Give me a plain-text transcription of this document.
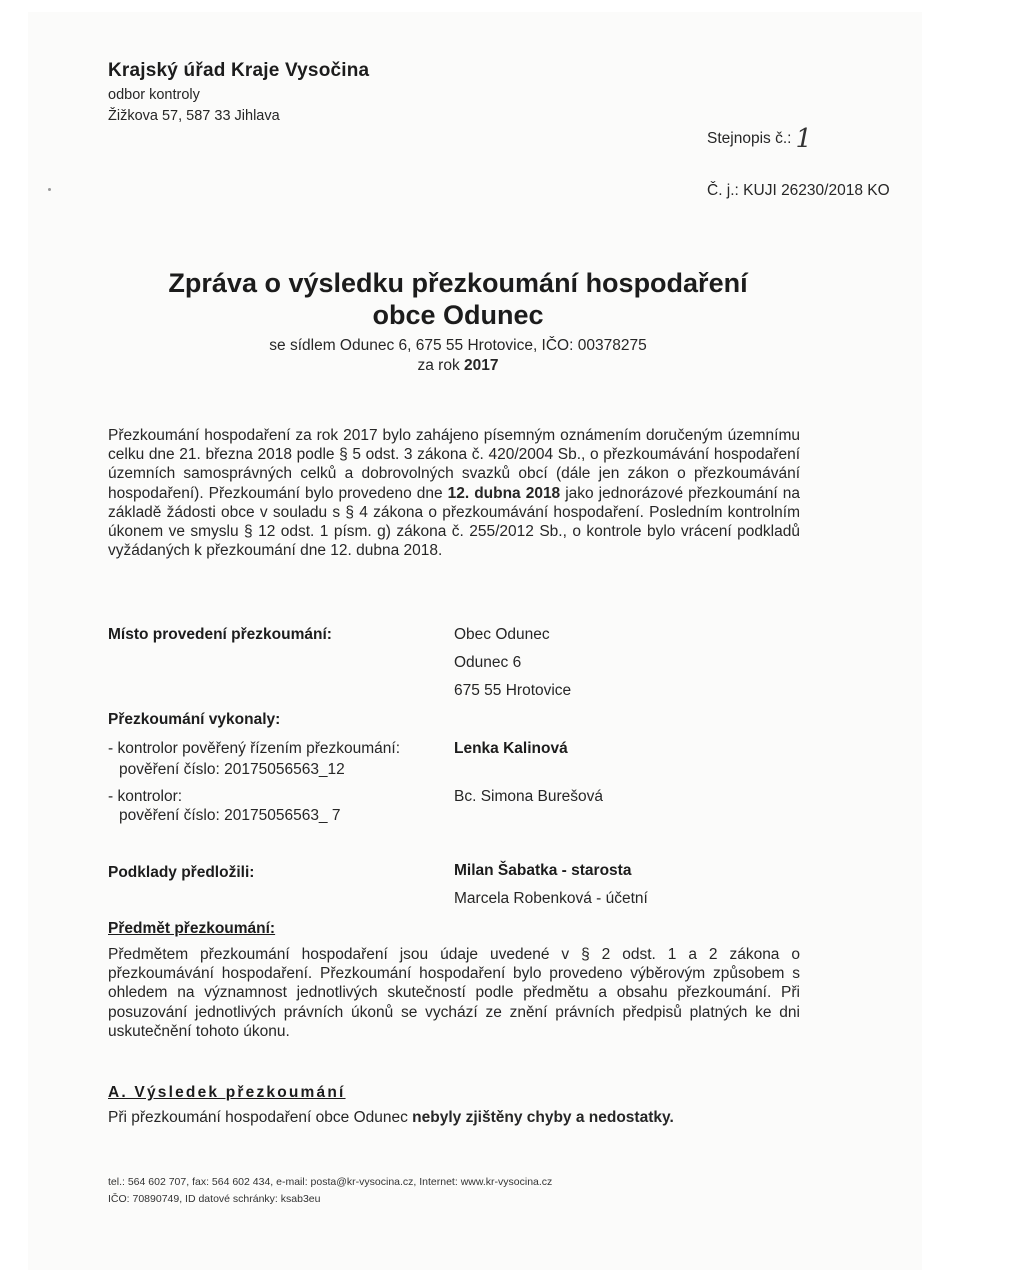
Krajský úřad Kraje Vysočina
odbor kontroly
Žižkova 57, 587 33 Jihlava
Stejnopis č.: 1
Č. j.: KUJI 26230/2018 KO
Zpráva o výsledku přezkoumání hospodaření
obce Odunec
se sídlem Odunec 6, 675 55 Hrotovice, IČO: 00378275
za rok 2017
Přezkoumání hospodaření za rok 2017 bylo zahájeno písemným oznámením doručeným územnímu celku dne 21. března 2018 podle § 5 odst. 3 zákona č. 420/2004 Sb., o přezkoumávání hospodaření územních samosprávných celků a dobrovolných svazků obcí (dále jen zákon o přezkoumávání hospodaření). Přezkoumání bylo provedeno dne 12. dubna 2018 jako jednorázové přezkoumání na základě žádosti obce v souladu s § 4 zákona o přezkoumávání hospodaření. Posledním kontrolním úkonem ve smyslu § 12 odst. 1 písm. g) zákona č. 255/2012 Sb., o kontrole bylo vrácení podkladů vyžádaných k přezkoumání dne 12. dubna 2018.
Místo provedení přezkoumání:	Obec Odunec
Odunec 6
675 55 Hrotovice
Přezkoumání vykonaly:
- kontrolor pověřený řízením přezkoumání:
pověření číslo: 20175056563_12
Lenka Kalinová
- kontrolor:
pověření číslo: 20175056563_ 7
Bc. Simona Burešová
Podklady předložili:	Milan Šabatka - starosta
Marcela Robenková - účetní
Předmět přezkoumání:
Předmětem přezkoumání hospodaření jsou údaje uvedené v § 2 odst. 1 a 2 zákona o přezkoumávání hospodaření. Přezkoumání hospodaření bylo provedeno výběrovým způsobem s ohledem na významnost jednotlivých skutečností podle předmětu a obsahu přezkoumání. Při posuzování jednotlivých právních úkonů se vychází ze znění právních předpisů platných ke dni uskutečnění tohoto úkonu.
A. Výsledek přezkoumání
Při přezkoumání hospodaření obce Odunec nebyly zjištěny chyby a nedostatky.
tel.: 564 602 707, fax: 564 602 434, e-mail: posta@kr-vysocina.cz, Internet: www.kr-vysocina.cz
IČO: 70890749, ID datové schránky: ksab3eu
